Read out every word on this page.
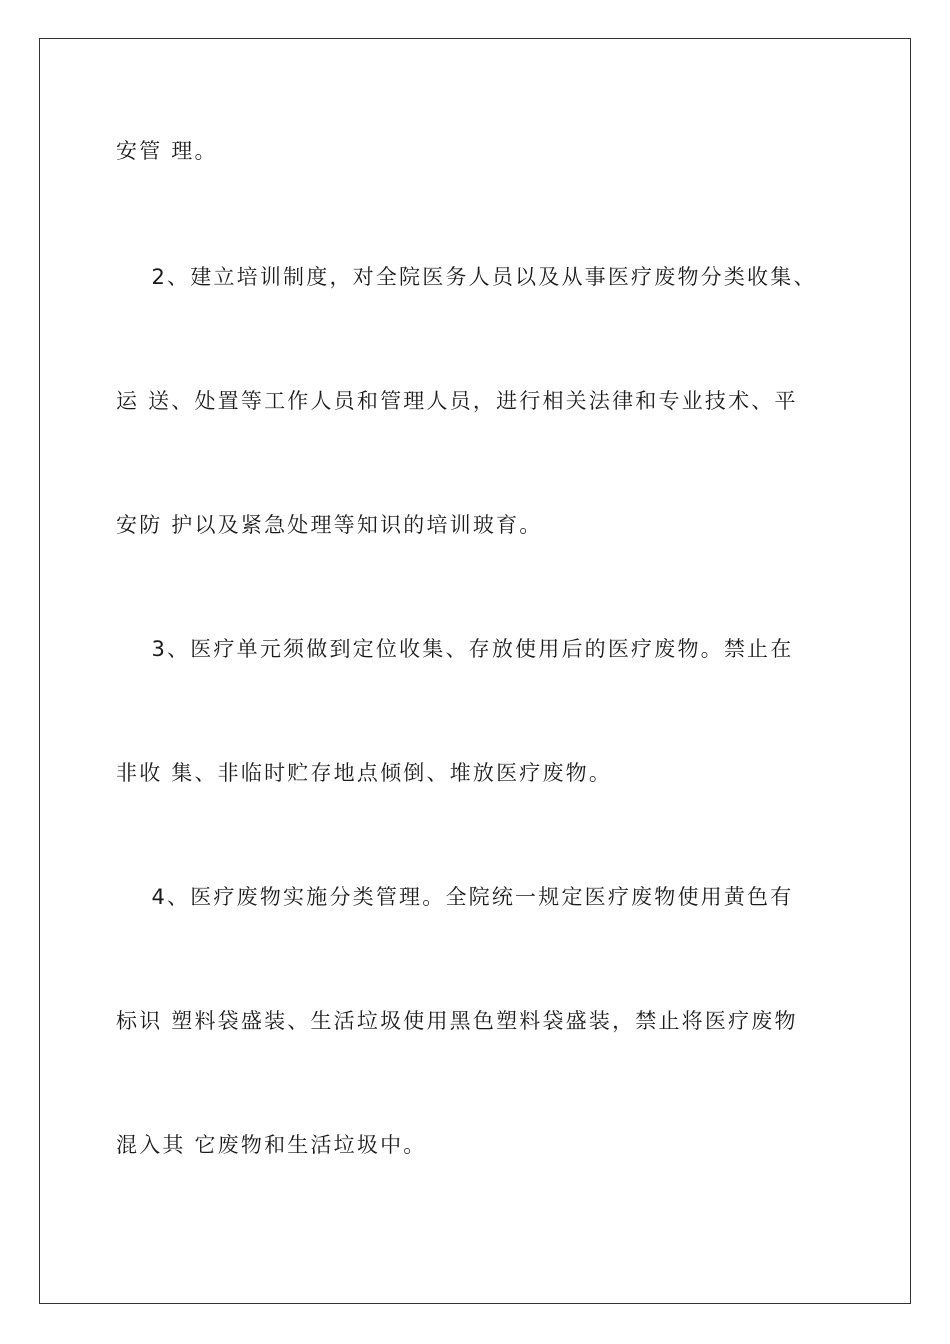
安管 理。
2、建立培训制度，对全院医务人员以及从事医疗废物分类收集、
运 送、处置等工作人员和管理人员，进行相关法律和专业技术、平
安防 护以及紧急处理等知识的培训玻育。
3、医疗单元须做到定位收集、存放使用后的医疗废物。禁止在
非收 集、非临时贮存地点倾倒、堆放医疗废物。
4、医疗废物实施分类管理。全院统一规定医疗废物使用黄色有
标识 塑料袋盛装、生活垃圾使用黑色塑料袋盛装，禁止将医疗废物
混入其 它废物和生活垃圾中。
